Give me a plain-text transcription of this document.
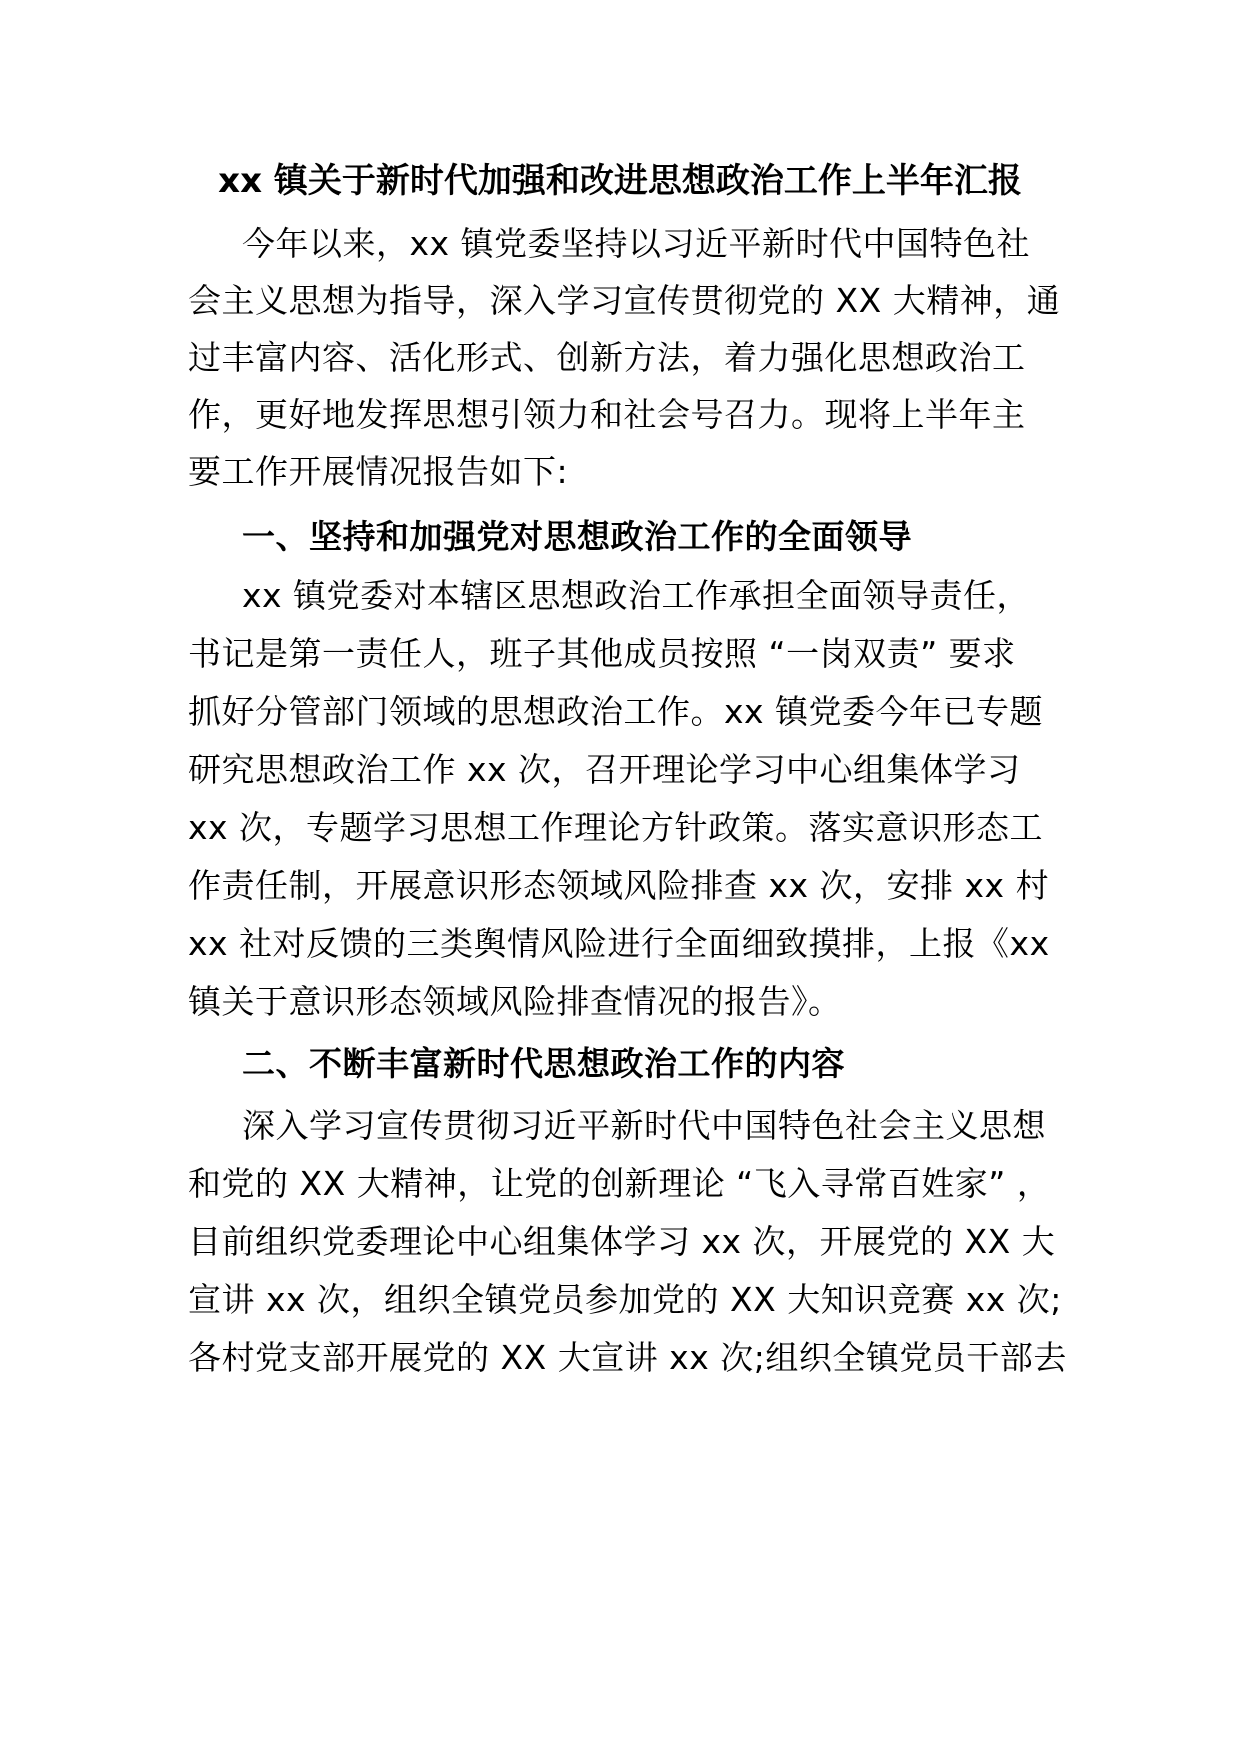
xx 镇关于新时代加强和改进思想政治工作上半年汇报
今年以来，xx 镇党委坚持以习近平新时代中国特色社
会主义思想为指导，深入学习宣传贯彻党的 XX 大精神，通
过丰富内容、活化形式、创新方法，着力强化思想政治工
作，更好地发挥思想引领力和社会号召力。现将上半年主
要工作开展情况报告如下:
一、坚持和加强党对思想政治工作的全面领导
xx 镇党委对本辖区思想政治工作承担全面领导责任，
书记是第一责任人，班子其他成员按照 “一岗双责” 要求
抓好分管部门领域的思想政治工作。xx 镇党委今年已专题
研究思想政治工作 xx 次，召开理论学习中心组集体学习
xx 次，专题学习思想工作理论方针政策。落实意识形态工
作责任制，开展意识形态领域风险排查 xx 次，安排 xx 村
xx 社对反馈的三类舆情风险进行全面细致摸排，上报《xx
镇关于意识形态领域风险排查情况的报告》。
二、不断丰富新时代思想政治工作的内容
深入学习宣传贯彻习近平新时代中国特色社会主义思想
和党的 XX 大精神，让党的创新理论 “飞入寻常百姓家” ，
目前组织党委理论中心组集体学习 xx 次，开展党的 XX 大
宣讲 xx 次，组织全镇党员参加党的 XX 大知识竞赛 xx 次;
各村党支部开展党的 XX 大宣讲 xx 次;组织全镇党员干部去
